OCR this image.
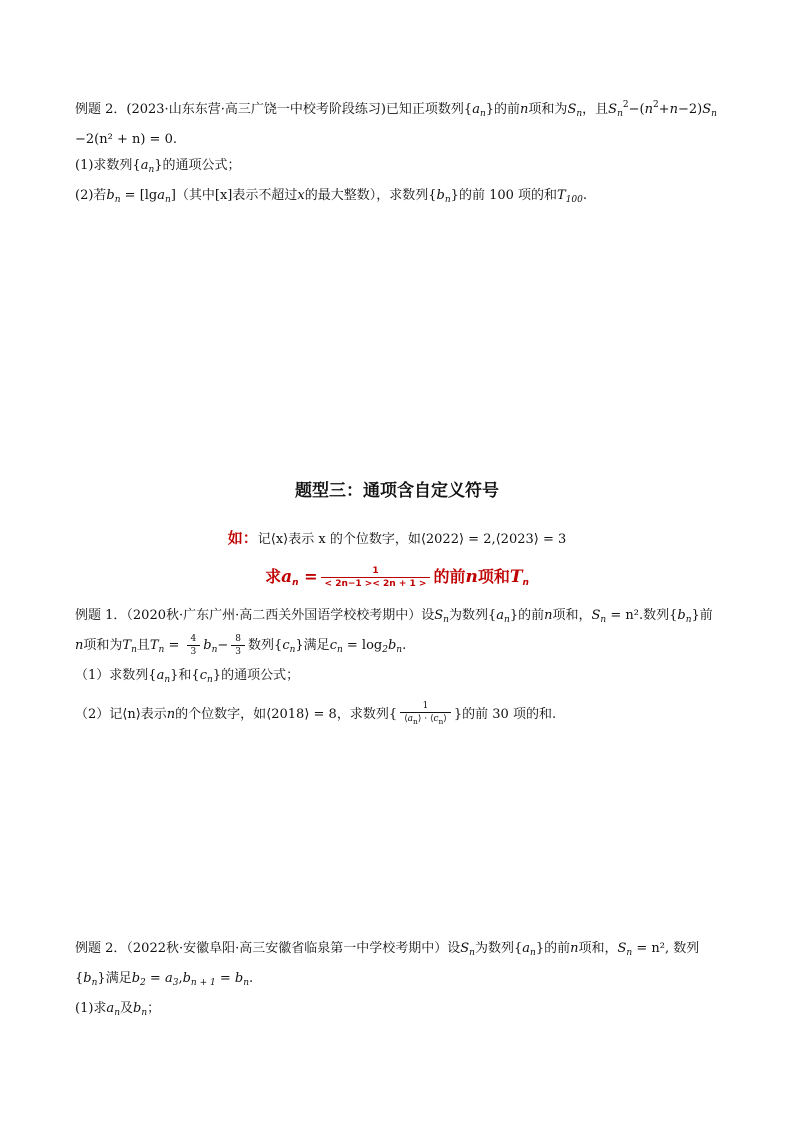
例题 2．(2023·山东东营·高三广饶一中校考阶段练习)已知正项数列$\{a_n\}$的前n项和为$S_n$，且$S_n^2-(n^2+n-2)S_n$
−2(n² + n) = 0.
(1)求数列$\{a_n\}$的通项公式；
(2)若$b_n = [\lg a_n]$（其中[x]表示不超过x的最大整数），求数列$\{b_n\}$的前 100 项的和$T_{100}$.
题型三：通项含自定义符号
如：记⟨x⟩表示 x 的个位数字，如⟨2022⟩ = 2,⟨2023⟩ = 3
求$a_n = \frac{1}{< 2n-1 >< 2n + 1 >}$ 的前n项和$T_n$
例题 1．（2020秋·广东广州·高二西关外国语学校校考期中）设$S_n$为数列$\{a_n\}$的前n项和，$S_n = n^2$.数列$\{b_n\}$前
n项和为$T_n$且$T_n = \frac{4}{3} b_n- \frac{8}{3}$ 数列$\{c_n\}$满足$c_n = \log_2b_n$.
（1）求数列$\{a_n\}$和$\{c_n\}$的通项公式；
（2）记⟨n⟩表示n的个位数字，如⟨2018⟩ = 8，求数列{ $\frac{1}{⟨a_n⟩ \cdot ⟨c_n⟩}$ }的前 30 项的和.
例题 2．（2022秋·安徽阜阳·高三安徽省临泉第一中学校考期中）设$S_n$为数列$\{a_n\}$的前n项和，$S_n = n^2$, 数列
$\{b_n\}$满足$b_2 = a_3,b_{n + 1} = b_n$.
(1)求$a_n$及$b_n$；
